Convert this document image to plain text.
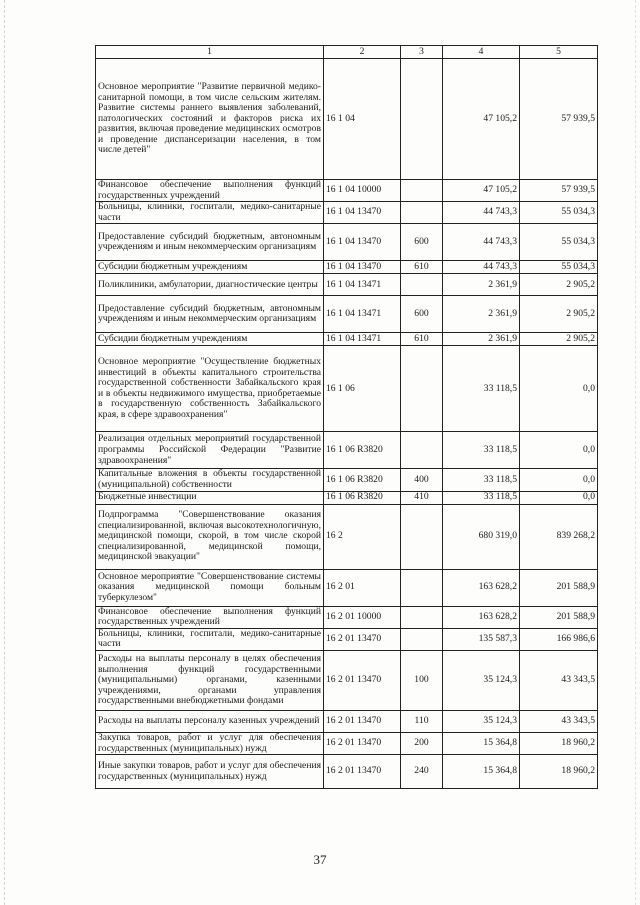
1	2	3	4	5
Основное мероприятие "Развитие первичной медико-санитарной помощи, в том числе сельским жителям. Развитие системы раннего выявления заболеваний, патологических состояний и факторов риска их развития, включая проведение медицинских осмотров и проведение диспансеризации населения, в том числе детей"	16 1 04		47 105,2	57 939,5
Финансовое обеспечение выполнения функций государственных учреждений	16 1 04 10000		47 105,2	57 939,5
Больницы, клиники, госпитали, медико-санитарные части	16 1 04 13470		44 743,3	55 034,3
Предоставление субсидий бюджетным, автономным учреждениям и иным некоммерческим организациям	16 1 04 13470	600	44 743,3	55 034,3
Субсидии бюджетным учреждениям	16 1 04 13470	610	44 743,3	55 034,3
Поликлиники, амбулатории, диагностические центры	16 1 04 13471		2 361,9	2 905,2
Предоставление субсидий бюджетным, автономным учреждениям и иным некоммерческим организациям	16 1 04 13471	600	2 361,9	2 905,2
Субсидии бюджетным учреждениям	16 1 04 13471	610	2 361,9	2 905,2
Основное мероприятие "Осуществление бюджетных инвестиций в объекты капитального строительства государственной собственности Забайкальского края и в объекты недвижимого имущества, приобретаемые в государственную собственность Забайкальского края, в сфере здравоохранения"	16 1 06		33 118,5	0,0
Реализация отдельных мероприятий государственной программы Российской Федерации "Развитие здравоохранения"	16 1 06 R3820		33 118,5	0,0
Капитальные вложения в объекты государственной (муниципальной) собственности	16 1 06 R3820	400	33 118,5	0,0
Бюджетные инвестиции	16 1 06 R3820	410	33 118,5	0,0
Подпрограмма "Совершенствование оказания специализированной, включая высокотехнологичную, медицинской помощи, скорой, в том числе скорой специализированной, медицинской помощи, медицинской эвакуации"	16 2		680 319,0	839 268,2
Основное мероприятие "Совершенствование системы оказания медицинской помощи больным туберкулезом"	16 2 01		163 628,2	201 588,9
Финансовое обеспечение выполнения функций государственных учреждений	16 2 01 10000		163 628,2	201 588,9
Больницы, клиники, госпитали, медико-санитарные части	16 2 01 13470		135 587,3	166 986,6
Расходы на выплаты персоналу в целях обеспечения выполнения функций государственными (муниципальными) органами, казенными учреждениями, органами управления государственными внебюджетными фондами	16 2 01 13470	100	35 124,3	43 343,5
Расходы на выплаты персоналу казенных учреждений	16 2 01 13470	110	35 124,3	43 343,5
Закупка товаров, работ и услуг для обеспечения государственных (муниципальных) нужд	16 2 01 13470	200	15 364,8	18 960,2
Иные закупки товаров, работ и услуг для обеспечения государственных (муниципальных) нужд	16 2 01 13470	240	15 364,8	18 960,2
37
